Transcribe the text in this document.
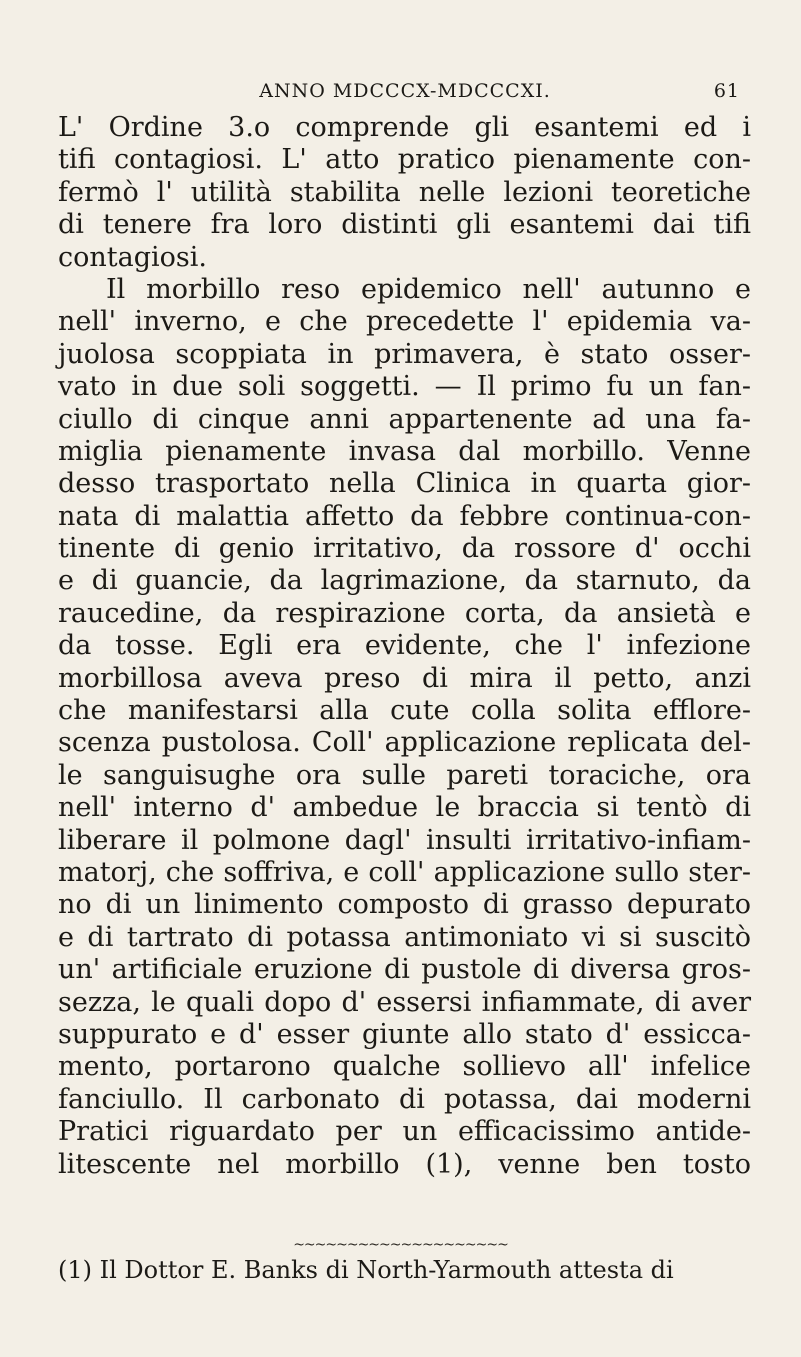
ANNO MDCCCX-MDCCCXI.	61
L' Ordine 3.o comprende gli esantemi ed i
tifi contagiosi. L' atto pratico pienamente con-
fermò l' utilità stabilita nelle lezioni teoretiche
di tenere fra loro distinti gli esantemi dai tifi
contagiosi.
Il morbillo reso epidemico nell' autunno e
nell' inverno, e che precedette l' epidemia va-
juolosa scoppiata in primavera, è stato osser-
vato in due soli soggetti. — Il primo fu un fan-
ciullo di cinque anni appartenente ad una fa-
miglia pienamente invasa dal morbillo. Venne
desso trasportato nella Clinica in quarta gior-
nata di malattia affetto da febbre continua-con-
tinente di genio irritativo, da rossore d' occhi
e di guancie, da lagrimazione, da starnuto, da
raucedine, da respirazione corta, da ansietà e
da tosse. Egli era evidente, che l' infezione
morbillosa aveva preso di mira il petto, anzi
che manifestarsi alla cute colla solita efflore-
scenza pustolosa. Coll' applicazione replicata del-
le sanguisughe ora sulle pareti toraciche, ora
nell' interno d' ambedue le braccia si tentò di
liberare il polmone dagl' insulti irritativo-infiam-
matorj, che soffriva, e coll' applicazione sullo ster-
no di un linimento composto di grasso depurato
e di tartrato di potassa antimoniato vi si suscitò
un' artificiale eruzione di pustole di diversa gros-
sezza, le quali dopo d' essersi infiammate, di aver
suppurato e d' esser giunte allo stato d' essicca-
mento, portarono qualche sollievo all' infelice
fanciullo. Il carbonato di potassa, dai moderni
Pratici riguardato per un efficacissimo antide-
litescente nel morbillo (1), venne ben tosto
~~~~~~~~~~~~~~~~~~~~
(1) Il Dottor E. Banks di North-Yarmouth attesta di
